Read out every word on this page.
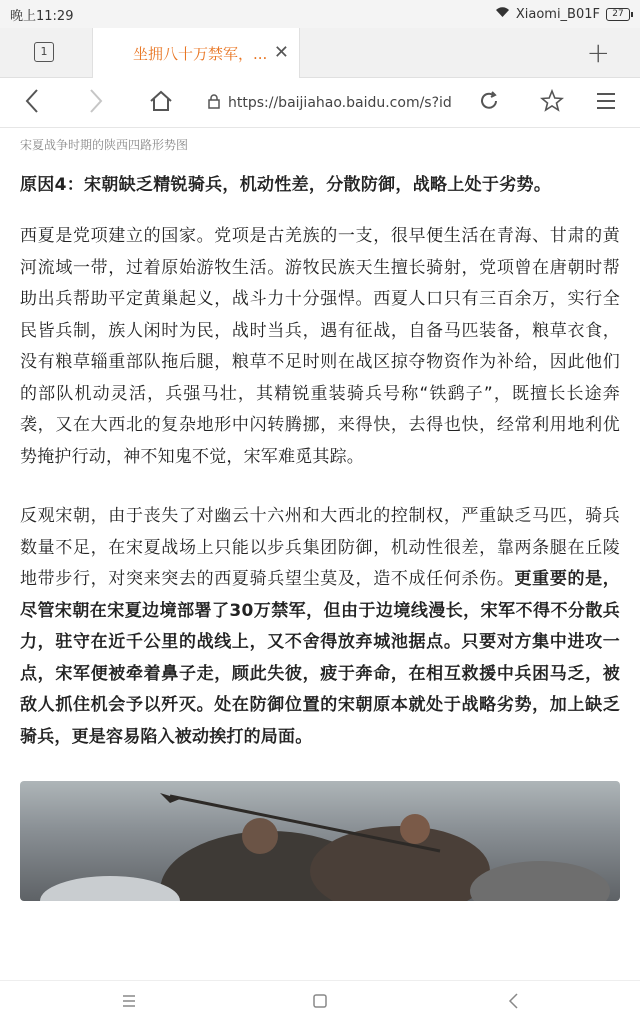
晚上11:29	Xiaomi_B01F	27
1	坐拥八十万禁军，... ✕	+
https://baijiahao.baidu.com/s?id
宋夏战争时期的陕西四路形势图
原因4：宋朝缺乏精锐骑兵，机动性差，分散防御，战略上处于劣势。

西夏是党项建立的国家。党项是古羌族的一支，很早便生活在青海、甘肃的黄河流域一带，过着原始游牧生活。游牧民族天生擅长骑射，党项曾在唐朝时帮助出兵帮助平定黄巢起义，战斗力十分强悍。西夏人口只有三百余万，实行全民皆兵制，族人闲时为民，战时当兵，遇有征战，自备马匹装备，粮草衣食，没有粮草辎重部队拖后腿，粮草不足时则在战区掠夺物资作为补给，因此他们的部队机动灵活，兵强马壮，其精锐重装骑兵号称“铁鹞子”，既擅长长途奔袭，又在大西北的复杂地形中闪转腾挪，来得快，去得也快，经常利用地利优势掩护行动，神不知鬼不觉，宋军难觅其踪。

反观宋朝，由于丧失了对幽云十六州和大西北的控制权，严重缺乏马匹，骑兵数量不足，在宋夏战场上只能以步兵集团防御，机动性很差，靠两条腿在丘陵地带步行，对突来突去的西夏骑兵望尘莫及，造不成任何杀伤。更重要的是，尽管宋朝在宋夏边境部署了30万禁军，但由于边境线漫长，宋军不得不分散兵力，驻守在近千公里的战线上，又不舍得放弃城池据点。只要对方集中进攻一点，宋军便被牵着鼻子走，顾此失彼，疲于奔命，在相互救援中兵困马乏，被敌人抓住机会予以歼灭。处在防御位置的宋朝原本就处于战略劣势，加上缺乏骑兵，更是容易陷入被动挨打的局面。
